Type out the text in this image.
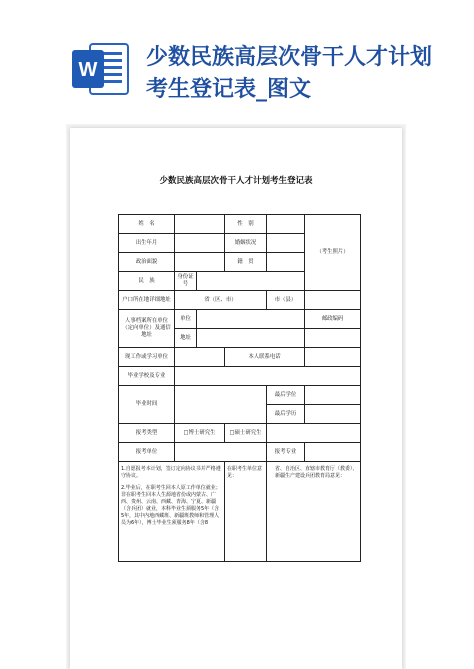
W 少数民族高层次骨干人才计划
考生登记表_图文
少数民族高层次骨干人才计划考生登记表
姓　名			性　别		（考生照片）
出生年月			婚姻状况		
政治面貌			籍　贯		
民　族	身份证号				
户口所在地详细地址	省（区、市）			市（县）	
人事档案所在单位（定向单位）及通信地址	单位				邮政编码
	地址				
现工作或学习单位			本人联系电话		
毕业学校及专业					
毕业时间				最后学位	
				最后学历	
报考类型	□博士研究生		□硕士研究生		
报考单位				报考专业	

1.自愿报考本计划，签订定向协议书并严格遵守协议。
2.毕业后，在职考生回本人原工作单位就业；非在职考生回本人生源地省份或内蒙古、广西、贵州、云南、西藏、青海、宁夏、新疆（含兵团）就业，本科毕业生须服务5年（含5年，其中内地西藏班、新疆班教师和管理人员为6年），博士毕业生须服务8年（含8			在职考生单位意见：	省、自治区、直辖市教育厅（教委）、新疆生产建设兵团教育局意见：	
